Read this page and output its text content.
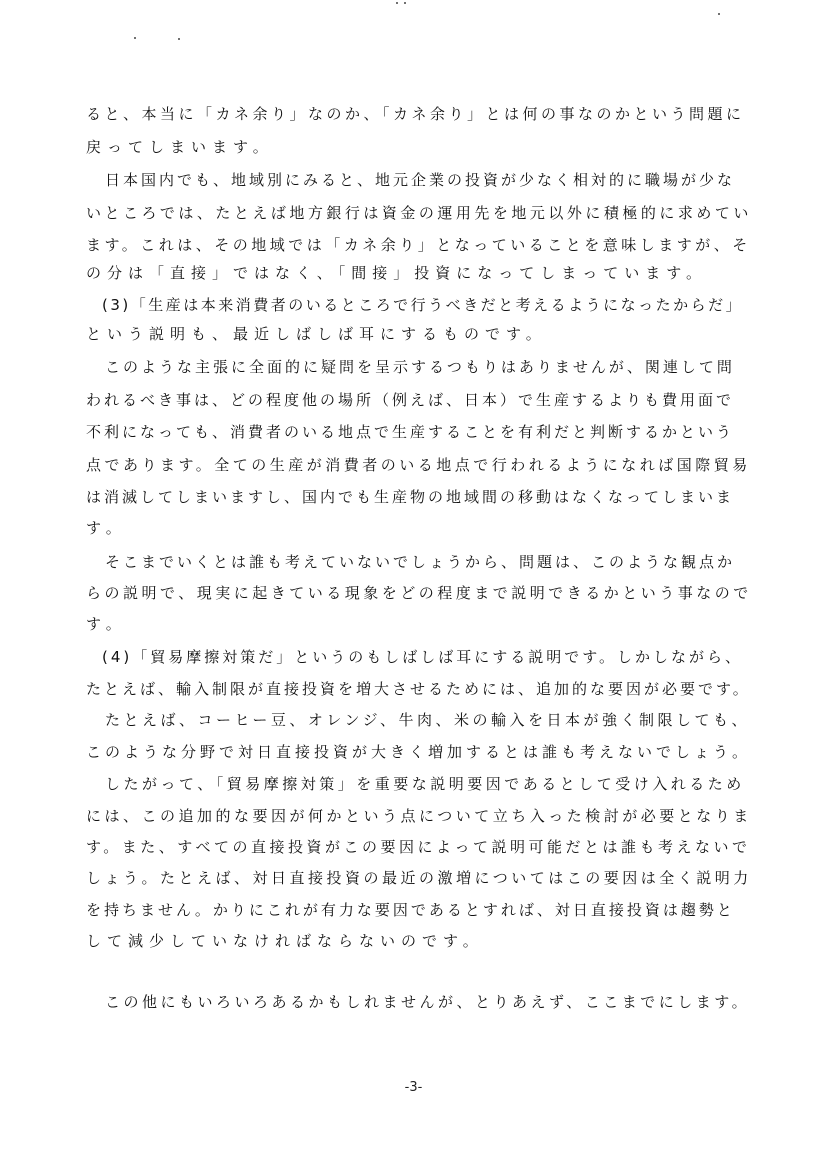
ると、本当に「カネ余り」なのか、「カネ余り」とは何の事なのかという問題に
戻ってしまいます。
日本国内でも、地域別にみると、地元企業の投資が少なく相対的に職場が少な
いところでは、たとえば地方銀行は資金の運用先を地元以外に積極的に求めてい
ます。これは、その地域では「カネ余り」となっていることを意味しますが、そ
の分は「直接」ではなく、「間接」投資になってしまっています。
(3)「生産は本来消費者のいるところで行うべきだと考えるようになったからだ」
という説明も、最近しばしば耳にするものです。
このような主張に全面的に疑問を呈示するつもりはありませんが、関連して問
われるべき事は、どの程度他の場所（例えば、日本）で生産するよりも費用面で
不利になっても、消費者のいる地点で生産することを有利だと判断するかという
点であります。全ての生産が消費者のいる地点で行われるようになれば国際貿易
は消滅してしまいますし、国内でも生産物の地域間の移動はなくなってしまいま
す。
そこまでいくとは誰も考えていないでしょうから、問題は、このような観点か
らの説明で、現実に起きている現象をどの程度まで説明できるかという事なので
す。
(4)「貿易摩擦対策だ」というのもしばしば耳にする説明です。しかしながら、
たとえば、輸入制限が直接投資を増大させるためには、追加的な要因が必要です。
たとえば、コーヒー豆、オレンジ、牛肉、米の輸入を日本が強く制限しても、
このような分野で対日直接投資が大きく増加するとは誰も考えないでしょう。
したがって、「貿易摩擦対策」を重要な説明要因であるとして受け入れるため
には、この追加的な要因が何かという点について立ち入った検討が必要となりま
す。また、すべての直接投資がこの要因によって説明可能だとは誰も考えないで
しょう。たとえば、対日直接投資の最近の激増についてはこの要因は全く説明力
を持ちません。かりにこれが有力な要因であるとすれば、対日直接投資は趨勢と
して減少していなければならないのです。
この他にもいろいろあるかもしれませんが、とりあえず、ここまでにします。
-3-
